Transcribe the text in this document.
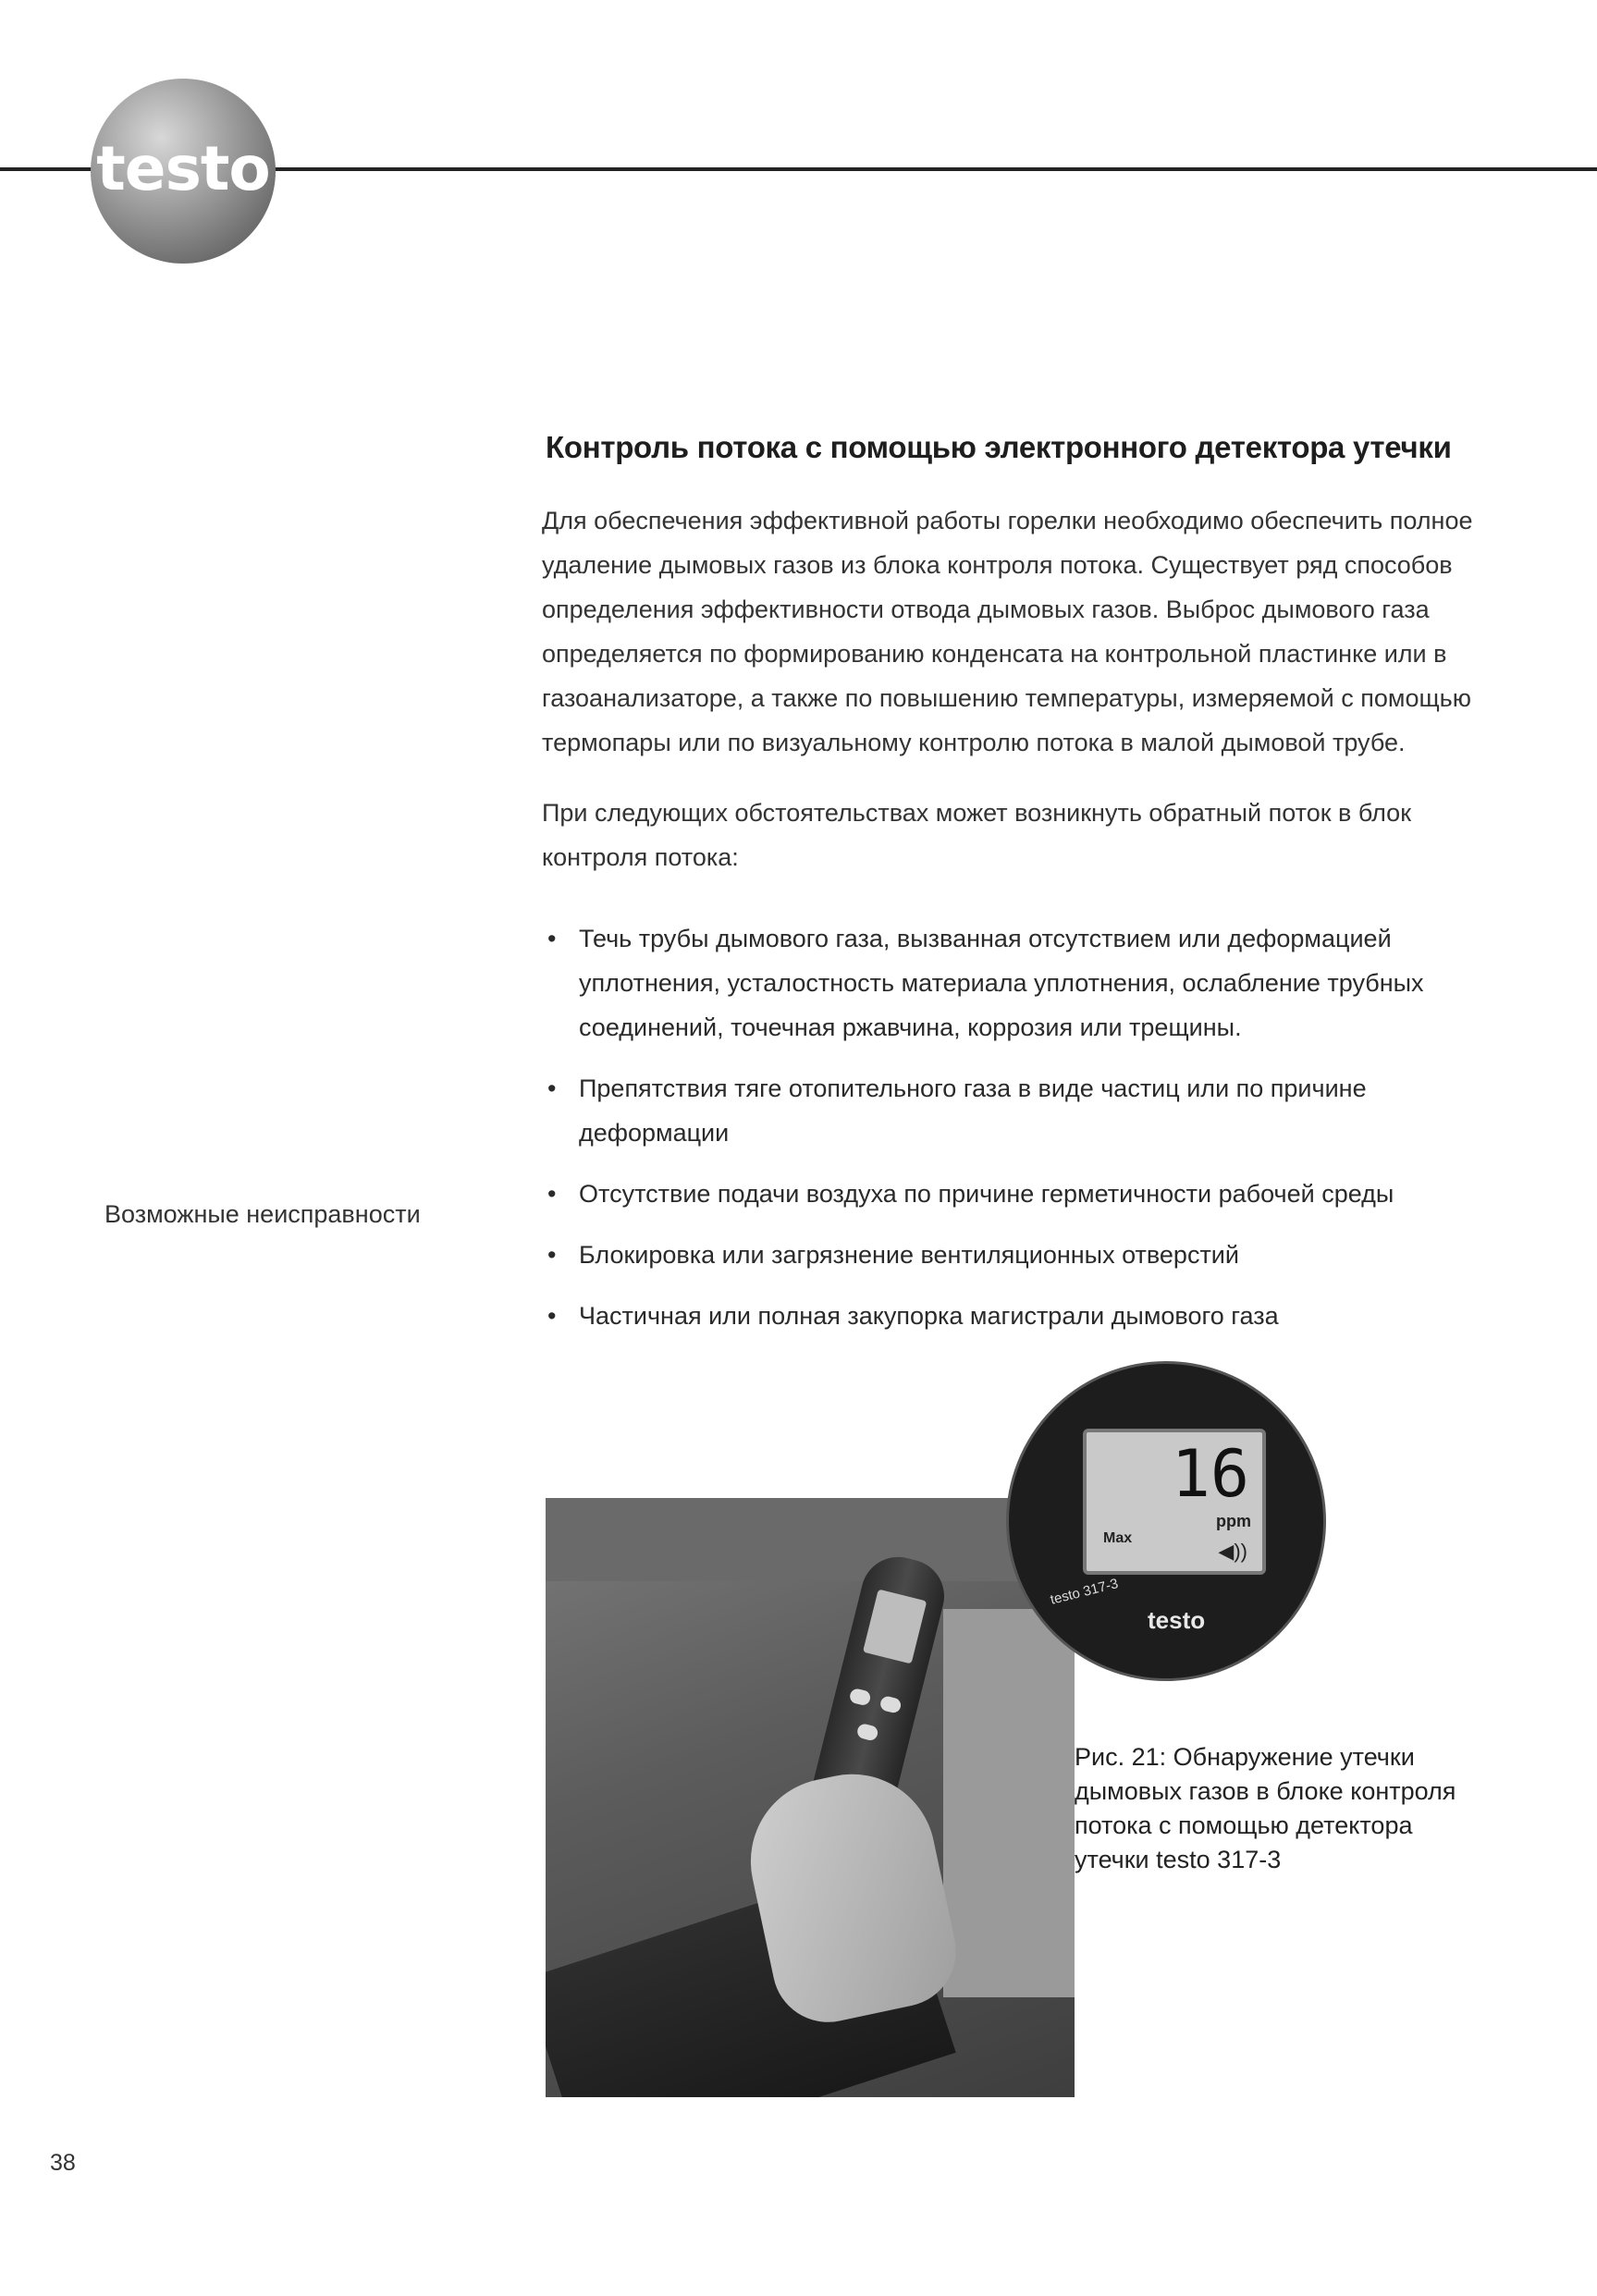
testo
Контроль потока с помощью электронного детектора утечки

Для обеспечения эффективной работы горелки необходимо обеспечить полное удаление дымовых газов из блока контроля потока. Существует ряд способов определения эффективности отвода дымовых газов. Выброс дымового газа определяется по формированию конденсата на контрольной пластинке или в газоанализаторе, а также по повышению температуры, измеряемой с помощью термопары или по визуальному контролю потока в малой дымовой трубе.

При следующих обстоятельствах может возникнуть обратный поток в блок контроля потока:

• Течь трубы дымового газа, вызванная отсутствием или деформацией уплотнения, усталостность материала уплотнения, ослабление трубных соединений, точечная ржавчина, коррозия или трещины.
• Препятствия тяге отопительного газа в виде частиц или по причине деформации
• Отсутствие подачи воздуха по причине герметичности рабочей среды
• Блокировка или загрязнение вентиляционных отверстий
• Частичная или полная закупорка магистрали дымового газа
Возможные неисправности
16
Max
ppm
◀))
testo 317-3
testo
Рис. 21: Обнаружение утечки дымовых газов в блоке контроля потока с помощью детектора утечки testo 317-3
38
